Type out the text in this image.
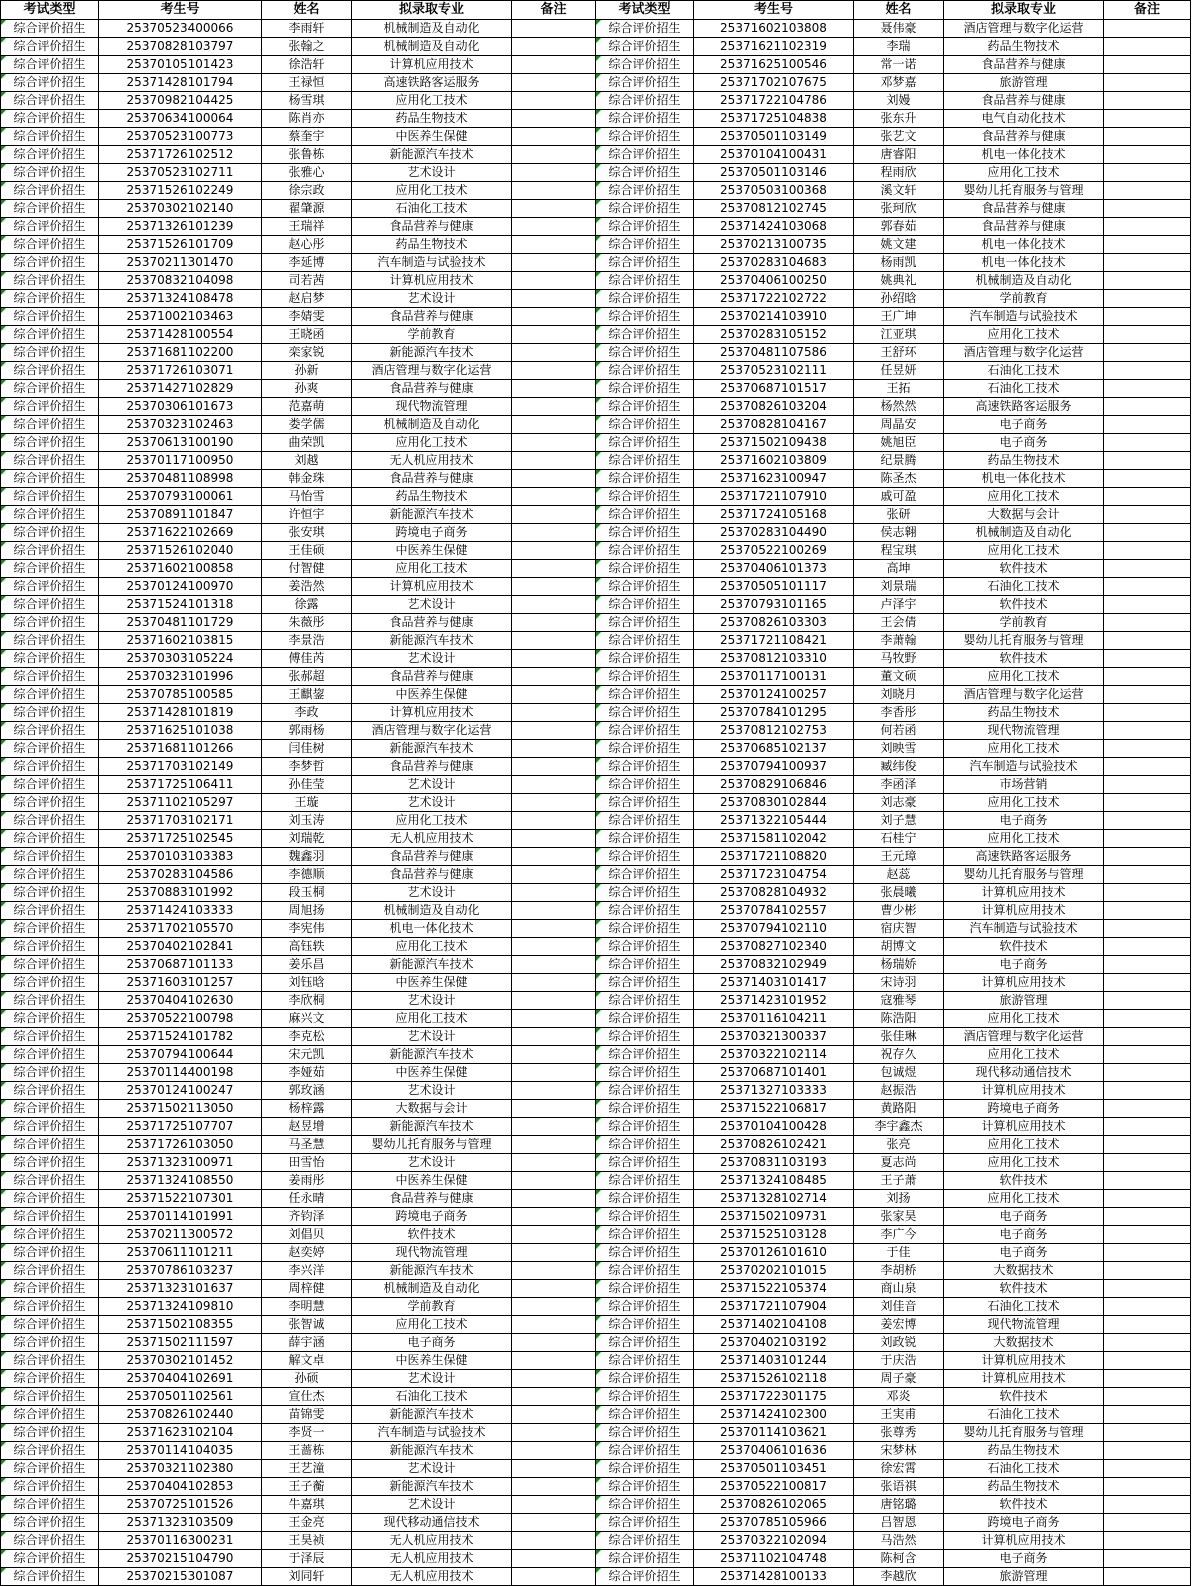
考试类型	考生号	姓名	拟录取专业	备注	考试类型	考生号	姓名	拟录取专业	备注
综合评价招生	25370523400066	李雨轩	机械制造及自动化		综合评价招生	25371602103808	聂伟豪	酒店管理与数字化运营	
综合评价招生	25370828103797	张翰之	机械制造及自动化		综合评价招生	25371621102319	李瑞	药品生物技术	
综合评价招生	25370105101423	徐浩轩	计算机应用技术		综合评价招生	25371625100546	常一诺	食品营养与健康	
综合评价招生	25371428101794	王禄恒	高速铁路客运服务		综合评价招生	25371702107675	邓梦嘉	旅游管理	
综合评价招生	25370982104425	杨雪琪	应用化工技术		综合评价招生	25371722104786	刘嫚	食品营养与健康	
综合评价招生	25370634100064	陈肖亦	药品生物技术		综合评价招生	25371725104838	张东升	电气自动化技术	
综合评价招生	25370523100773	蔡奎宇	中医养生保健		综合评价招生	25370501103149	张艺文	食品营养与健康	
综合评价招生	25371726102512	张鲁栋	新能源汽车技术		综合评价招生	25370104100431	唐睿阳	机电一体化技术	
综合评价招生	25370523102711	张雅心	艺术设计		综合评价招生	25370501103146	程雨欣	应用化工技术	
综合评价招生	25371526102249	徐宗政	应用化工技术		综合评价招生	25370503100368	溪文轩	婴幼儿托育服务与管理	
综合评价招生	25370302102140	翟肇源	石油化工技术		综合评价招生	25370812102745	张珂欣	食品营养与健康	
综合评价招生	25371326101239	王瑞祥	食品营养与健康		综合评价招生	25371424103068	郭春茹	食品营养与健康	
综合评价招生	25371526101709	赵心彤	药品生物技术		综合评价招生	25370213100735	姚文建	机电一体化技术	
综合评价招生	25370211301470	李延博	汽车制造与试验技术		综合评价招生	25370283104683	杨雨凯	机电一体化技术	
综合评价招生	25370832104098	司若茜	计算机应用技术		综合评价招生	25370406100250	姚典礼	机械制造及自动化	
综合评价招生	25371324108478	赵启梦	艺术设计		综合评价招生	25371722102722	孙绍晗	学前教育	
综合评价招生	25371002103463	李婧雯	食品营养与健康		综合评价招生	25370214103910	王广坤	汽车制造与试验技术	
综合评价招生	25371428100554	王晓函	学前教育		综合评价招生	25370283105152	江亚琪	应用化工技术	
综合评价招生	25371681102200	栾家锐	新能源汽车技术		综合评价招生	25370481107586	王舒环	酒店管理与数字化运营	
综合评价招生	25371726103071	孙新	酒店管理与数字化运营		综合评价招生	25370523102111	任昱妍	石油化工技术	
综合评价招生	25371427102829	孙爽	食品营养与健康		综合评价招生	25370687101517	王拓	石油化工技术	
综合评价招生	25370306101673	范嘉萌	现代物流管理		综合评价招生	25370826103204	杨然然	高速铁路客运服务	
综合评价招生	25370323102463	娄学儒	机械制造及自动化		综合评价招生	25370828104167	周晶安	电子商务	
综合评价招生	25370613100190	曲荣凯	应用化工技术		综合评价招生	25371502109438	姚旭臣	电子商务	
综合评价招生	25370117100950	刘越	无人机应用技术		综合评价招生	25371602103809	纪景腾	药品生物技术	
综合评价招生	25370481108998	韩金珠	食品营养与健康		综合评价招生	25371623100947	陈圣杰	机电一体化技术	
综合评价招生	25370793100061	马怡雪	药品生物技术		综合评价招生	25371721107910	戚可盈	应用化工技术	
综合评价招生	25370891101847	许恒宇	新能源汽车技术		综合评价招生	25371724105168	张研	大数据与会计	
综合评价招生	25371622102669	张安琪	跨境电子商务		综合评价招生	25370283104490	侯志翱	机械制造及自动化	
综合评价招生	25371526102040	王佳硕	中医养生保健		综合评价招生	25370522100269	程宝琪	应用化工技术	
综合评价招生	25371602100858	付智健	应用化工技术		综合评价招生	25370406101373	高坤	软件技术	
综合评价招生	25370124100970	姜浩然	计算机应用技术		综合评价招生	25370505101117	刘景瑞	石油化工技术	
综合评价招生	25371524101318	徐露	艺术设计		综合评价招生	25370793101165	卢泽宇	软件技术	
综合评价招生	25370481101729	朱薇彤	食品营养与健康		综合评价招生	25370826103303	王会倩	学前教育	
综合评价招生	25371602103815	李景浩	新能源汽车技术		综合评价招生	25371721108421	李萧翰	婴幼儿托育服务与管理	
综合评价招生	25370303105224	傅佳芮	艺术设计		综合评价招生	25370812103310	马牧野	软件技术	
综合评价招生	25370323101996	张郝超	食品营养与健康		综合评价招生	25370117100131	董文硕	应用化工技术	
综合评价招生	25370785100585	王麒鋆	中医养生保健		综合评价招生	25370124100257	刘晓月	酒店管理与数字化运营	
综合评价招生	25371428101819	李政	计算机应用技术		综合评价招生	25370784101295	李香彤	药品生物技术	
综合评价招生	25371625101038	郭雨杨	酒店管理与数字化运营		综合评价招生	25370812102753	何若函	现代物流管理	
综合评价招生	25371681101266	闫佳树	新能源汽车技术		综合评价招生	25370685102137	刘映雪	应用化工技术	
综合评价招生	25371703102149	李梦哲	食品营养与健康		综合评价招生	25370794100937	臧纬俊	汽车制造与试验技术	
综合评价招生	25371725106411	孙佳莹	艺术设计		综合评价招生	25370829106846	李函泽	市场营销	
综合评价招生	25371102105297	王璇	艺术设计		综合评价招生	25370830102844	刘志豪	应用化工技术	
综合评价招生	25371703102171	刘玉涛	应用化工技术		综合评价招生	25371322105444	刘子慧	电子商务	
综合评价招生	25371725102545	刘瑞乾	无人机应用技术		综合评价招生	25371581102042	石桂宁	应用化工技术	
综合评价招生	25370103103383	魏鑫羽	食品营养与健康		综合评价招生	25371721108820	王元璋	高速铁路客运服务	
综合评价招生	25370283104586	李德顺	食品营养与健康		综合评价招生	25371723104754	赵蕊	婴幼儿托育服务与管理	
综合评价招生	25370883101992	段玉桐	艺术设计		综合评价招生	25370828104932	张晨曦	计算机应用技术	
综合评价招生	25371424103333	周旭扬	机械制造及自动化		综合评价招生	25370784102557	曹少彬	计算机应用技术	
综合评价招生	25371702105570	李宪伟	机电一体化技术		综合评价招生	25370794102110	宿庆智	汽车制造与试验技术	
综合评价招生	25370402102841	高钰轶	应用化工技术		综合评价招生	25370827102340	胡博文	软件技术	
综合评价招生	25370687101133	姜乐昌	新能源汽车技术		综合评价招生	25370832102949	杨瑞娇	电子商务	
综合评价招生	25371603101257	刘钰晗	中医养生保健		综合评价招生	25371403101417	宋诗羽	计算机应用技术	
综合评价招生	25370404102630	李欣桐	艺术设计		综合评价招生	25371423101952	寇雅琴	旅游管理	
综合评价招生	25370522100798	麻兴文	应用化工技术		综合评价招生	25370116104211	陈浩阳	应用化工技术	
综合评价招生	25371524101782	李克松	艺术设计		综合评价招生	25370321300337	张佳琳	酒店管理与数字化运营	
综合评价招生	25370794100644	宋元凯	新能源汽车技术		综合评价招生	25370322102114	祝存久	应用化工技术	
综合评价招生	25370114400198	李娅茹	中医养生保健		综合评价招生	25370687101401	包诚煜	现代移动通信技术	
综合评价招生	25370124100247	郭玫涵	艺术设计		综合评价招生	25371327103333	赵振浩	计算机应用技术	
综合评价招生	25371502113050	杨梓露	大数据与会计		综合评价招生	25371522106817	黄路阳	跨境电子商务	
综合评价招生	25371725107707	赵昱增	新能源汽车技术		综合评价招生	25370104100428	李宇鑫杰	计算机应用技术	
综合评价招生	25371726103050	马圣慧	婴幼儿托育服务与管理		综合评价招生	25370826102421	张亮	应用化工技术	
综合评价招生	25371323100971	田雪怡	艺术设计		综合评价招生	25370831103193	夏志尚	应用化工技术	
综合评价招生	25371324108550	姜雨彤	中医养生保健		综合评价招生	25371324108485	王子萧	软件技术	
综合评价招生	25371522107301	任永晴	食品营养与健康		综合评价招生	25371328102714	刘扬	应用化工技术	
综合评价招生	25370114101991	齐钧泽	跨境电子商务		综合评价招生	25371502109731	张家昊	电子商务	
综合评价招生	25370211300572	刘倡贝	软件技术		综合评价招生	25371525103128	李广今	电子商务	
综合评价招生	25370611101211	赵奕婷	现代物流管理		综合评价招生	25370126101610	于佳	电子商务	
综合评价招生	25370786103237	李兴洋	新能源汽车技术		综合评价招生	25370202101015	李胡桥	大数据技术	
综合评价招生	25371323101637	周梓健	机械制造及自动化		综合评价招生	25371522105374	商山泉	软件技术	
综合评价招生	25371324109810	李明慧	学前教育		综合评价招生	25371721107904	刘佳音	石油化工技术	
综合评价招生	25371502108355	张智诚	应用化工技术		综合评价招生	25371402104108	姜宏博	现代物流管理	
综合评价招生	25371502111597	薛宇涵	电子商务		综合评价招生	25370402103192	刘政锐	大数据技术	
综合评价招生	25370302101452	解文卓	中医养生保健		综合评价招生	25371403101244	于庆浩	计算机应用技术	
综合评价招生	25370404102691	孙硕	艺术设计		综合评价招生	25371526102118	周子豪	计算机应用技术	
综合评价招生	25370501102561	宣仕杰	石油化工技术		综合评价招生	25371722301175	邓炎	软件技术	
综合评价招生	25370826102440	苗锦雯	新能源汽车技术		综合评价招生	25371424102300	王実甫	石油化工技术	
综合评价招生	25371623102104	李贤一	汽车制造与试验技术		综合评价招生	25370114103621	张尊秀	婴幼儿托育服务与管理	
综合评价招生	25370114104035	王蔷栋	新能源汽车技术		综合评价招生	25370406101636	宋梦林	药品生物技术	
综合评价招生	25370321102380	王艺潼	艺术设计		综合评价招生	25370501103451	徐宏霄	石油化工技术	
综合评价招生	25370404102853	王子蘅	新能源汽车技术		综合评价招生	25370522100817	张语祺	药品生物技术	
综合评价招生	25370725101526	牛嘉琪	艺术设计		综合评价招生	25370826102065	唐铭璐	软件技术	
综合评价招生	25371323103509	王金亮	现代移动通信技术		综合评价招生	25370785105966	吕智恩	跨境电子商务	
综合评价招生	25370116300231	王昊祯	无人机应用技术		综合评价招生	25370322102094	马浩然	计算机应用技术	
综合评价招生	25370215104790	于泽辰	无人机应用技术		综合评价招生	25371102104748	陈柯含	电子商务	
综合评价招生	25370215301087	刘同轩	无人机应用技术		综合评价招生	25371428100133	李越欣	旅游管理	
